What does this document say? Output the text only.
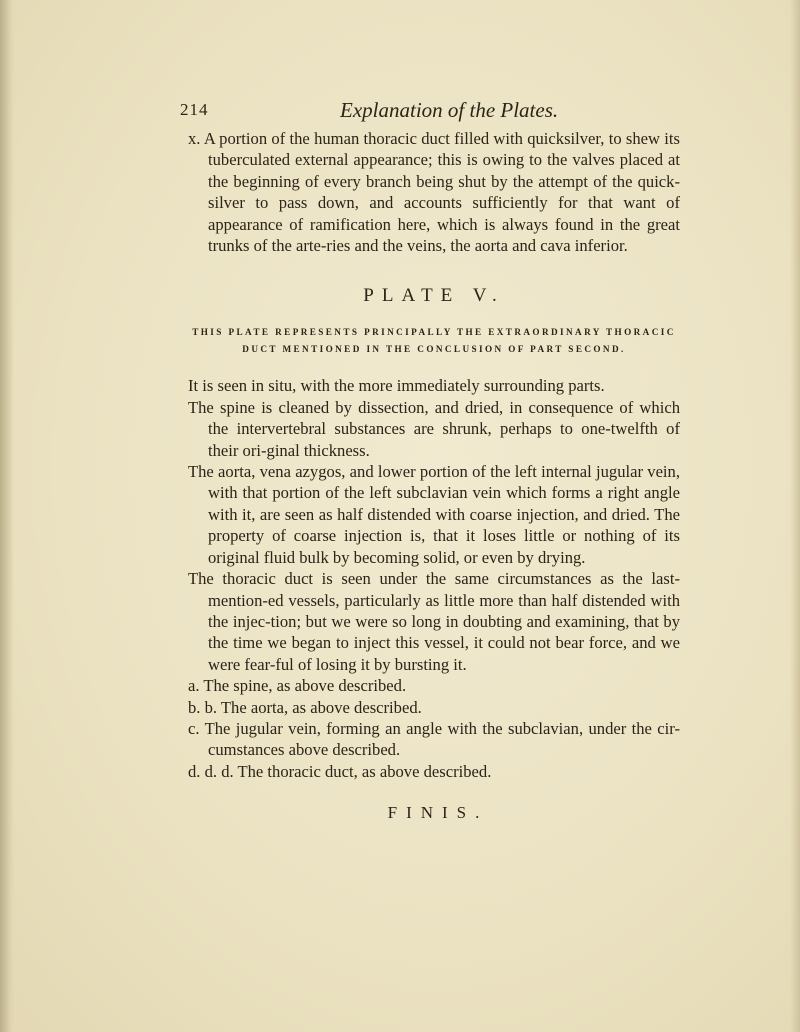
214	Explanation of the Plates.

x. A portion of the human thoracic duct filled with quicksilver, to shew its tuberculated external appearance; this is owing to the valves placed at the beginning of every branch being shut by the attempt of the quick-silver to pass down, and accounts sufficiently for that want of appearance of ramification here, which is always found in the great trunks of the arte-ries and the veins, the aorta and cava inferior.

PLATE V.
THIS PLATE REPRESENTS PRINCIPALLY THE EXTRAORDINARY THORACIC
DUCT MENTIONED IN THE CONCLUSION OF PART SECOND.

It is seen in situ, with the more immediately surrounding parts.

The spine is cleaned by dissection, and dried, in consequence of which the intervertebral substances are shrunk, perhaps to one-twelfth of their ori-ginal thickness.

The aorta, vena azygos, and lower portion of the left internal jugular vein, with that portion of the left subclavian vein which forms a right angle with it, are seen as half distended with coarse injection, and dried. The property of coarse injection is, that it loses little or nothing of its original fluid bulk by becoming solid, or even by drying.

The thoracic duct is seen under the same circumstances as the last-mention-ed vessels, particularly as little more than half distended with the injec-tion; but we were so long in doubting and examining, that by the time we began to inject this vessel, it could not bear force, and we were fear-ful of losing it by bursting it.

a. The spine, as above described.

b. b. The aorta, as above described.

c. The jugular vein, forming an angle with the subclavian, under the cir-cumstances above described.

d. d. d. The thoracic duct, as above described.

FINIS.
